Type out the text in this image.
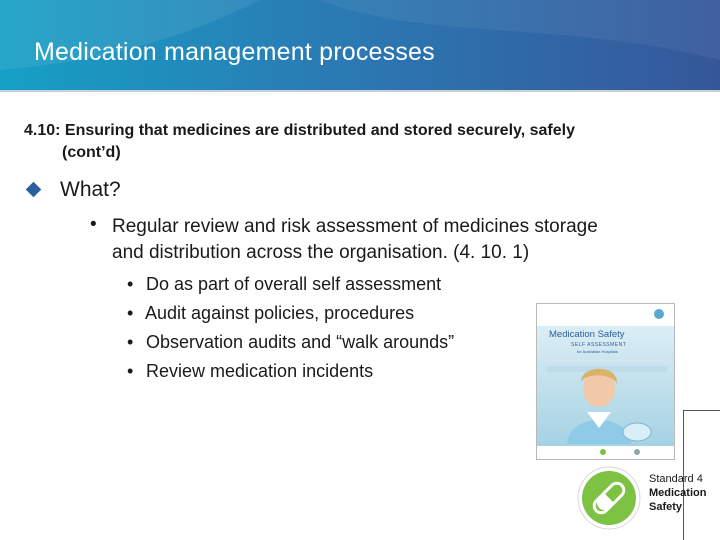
Medication management processes
4.10: Ensuring that medicines are distributed and stored securely, safely
(cont’d)
What?
• Regular review and risk assessment of medicines storage
and distribution across the organisation. (4. 10. 1)
• Do as part of overall self assessment
• Audit against policies, procedures
• Observation audits and “walk arounds”
• Review medication incidents
Medication Safety
SELF ASSESSMENT
for Australian Hospitals
Standard 4
Medication
Safety
